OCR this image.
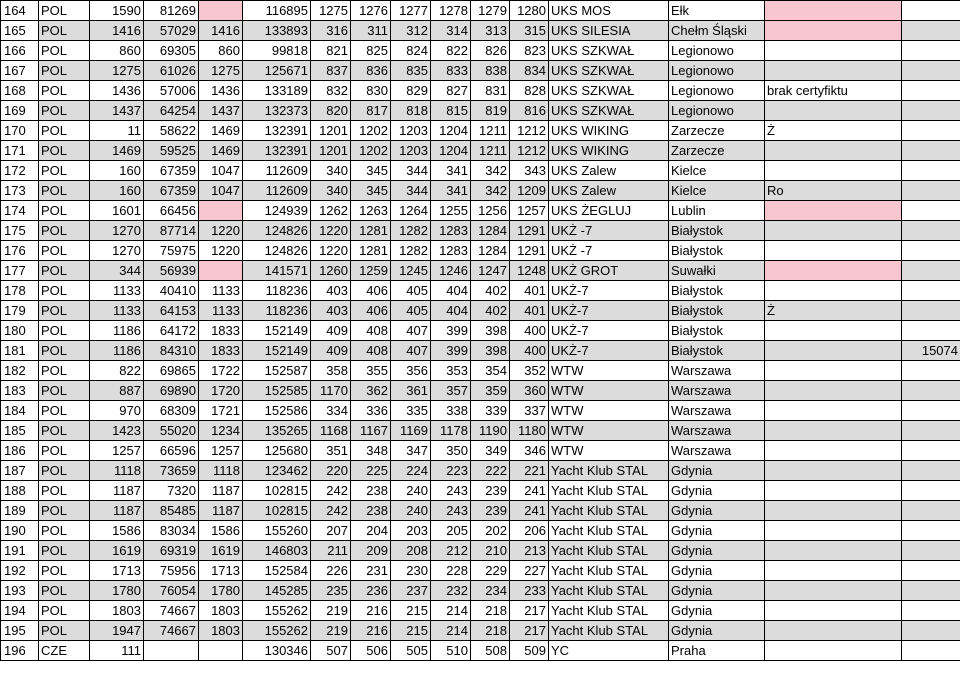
164	POL	1590	81269		116895	1275	1276	1277	1278	1279	1280	UKS MOS	Ełk		
165	POL	1416	57029	1416	133893	316	311	312	314	313	315	UKS SILESIA	Chełm Śląski		
166	POL	860	69305	860	99818	821	825	824	822	826	823	UKS SZKWAŁ	Legionowo		
167	POL	1275	61026	1275	125671	837	836	835	833	838	834	UKS SZKWAŁ	Legionowo		
168	POL	1436	57006	1436	133189	832	830	829	827	831	828	UKS SZKWAŁ	Legionowo	brak certyfiktu	
169	POL	1437	64254	1437	132373	820	817	818	815	819	816	UKS SZKWAŁ	Legionowo		
170	POL	11	58622	1469	132391	1201	1202	1203	1204	1211	1212	UKS WIKING	Zarzecze	Ż	
171	POL	1469	59525	1469	132391	1201	1202	1203	1204	1211	1212	UKS WIKING	Zarzecze		
172	POL	160	67359	1047	112609	340	345	344	341	342	343	UKS Zalew	Kielce		
173	POL	160	67359	1047	112609	340	345	344	341	342	1209	UKS Zalew	Kielce	Ro	
174	POL	1601	66456		124939	1262	1263	1264	1255	1256	1257	UKS ŻEGLUJ	Lublin		
175	POL	1270	87714	1220	124826	1220	1281	1282	1283	1284	1291	UKŻ -7	Białystok		
176	POL	1270	75975	1220	124826	1220	1281	1282	1283	1284	1291	UKŻ -7	Białystok		
177	POL	344	56939		141571	1260	1259	1245	1246	1247	1248	UKŻ GROT	Suwałki		
178	POL	1133	40410	1133	118236	403	406	405	404	402	401	UKŻ-7	Białystok		
179	POL	1133	64153	1133	118236	403	406	405	404	402	401	UKŻ-7	Białystok	Ż	
180	POL	1186	64172	1833	152149	409	408	407	399	398	400	UKŻ-7	Białystok		
181	POL	1186	84310	1833	152149	409	408	407	399	398	400	UKŻ-7	Białystok		15074
182	POL	822	69865	1722	152587	358	355	356	353	354	352	WTW	Warszawa		
183	POL	887	69890	1720	152585	1170	362	361	357	359	360	WTW	Warszawa		
184	POL	970	68309	1721	152586	334	336	335	338	339	337	WTW	Warszawa		
185	POL	1423	55020	1234	135265	1168	1167	1169	1178	1190	1180	WTW	Warszawa		
186	POL	1257	66596	1257	125680	351	348	347	350	349	346	WTW	Warszawa		
187	POL	1118	73659	1118	123462	220	225	224	223	222	221	Yacht Klub STAL	Gdynia		
188	POL	1187	7320	1187	102815	242	238	240	243	239	241	Yacht Klub STAL	Gdynia		
189	POL	1187	85485	1187	102815	242	238	240	243	239	241	Yacht Klub STAL	Gdynia		
190	POL	1586	83034	1586	155260	207	204	203	205	202	206	Yacht Klub STAL	Gdynia		
191	POL	1619	69319	1619	146803	211	209	208	212	210	213	Yacht Klub STAL	Gdynia		
192	POL	1713	75956	1713	152584	226	231	230	228	229	227	Yacht Klub STAL	Gdynia		
193	POL	1780	76054	1780	145285	235	236	237	232	234	233	Yacht Klub STAL	Gdynia		
194	POL	1803	74667	1803	155262	219	216	215	214	218	217	Yacht Klub STAL	Gdynia		
195	POL	1947	74667	1803	155262	219	216	215	214	218	217	Yacht Klub STAL	Gdynia		
196	CZE	111			130346	507	506	505	510	508	509	YC	Praha		
